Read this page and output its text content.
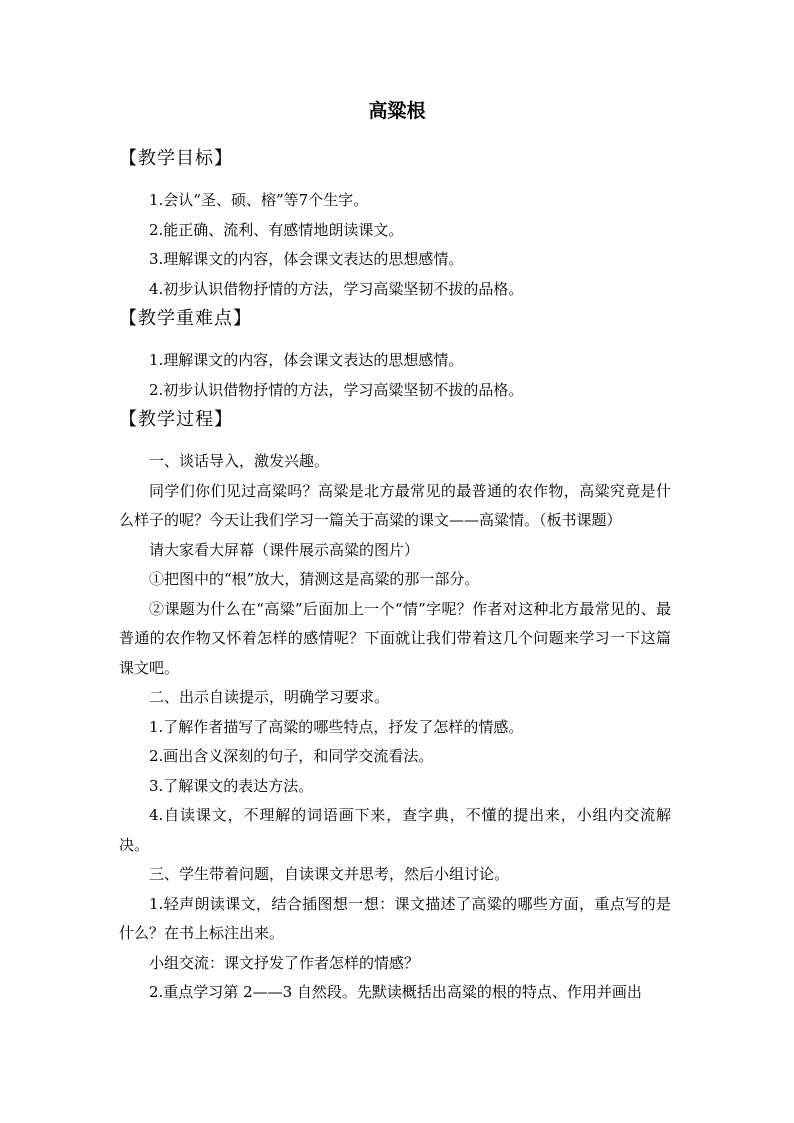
高粱根
【教学目标】

1.会认“圣、硕、榕”等7个生字。

2.能正确、流利、有感情地朗读课文。

3.理解课文的内容，体会课文表达的思想感情。

4.初步认识借物抒情的方法，学习高粱坚韧不拔的品格。

【教学重难点】

1.理解课文的内容，体会课文表达的思想感情。

2.初步认识借物抒情的方法，学习高粱坚韧不拔的品格。

【教学过程】

一、谈话导入，激发兴趣。

同学们你们见过高粱吗？高粱是北方最常见的最普通的农作物，高粱究竟是什么样子的呢？今天让我们学习一篇关于高粱的课文——高粱情。（板书课题）

请大家看大屏幕（课件展示高粱的图片）

①把图中的“根”放大，猜测这是高粱的那一部分。

②课题为什么在“高粱”后面加上一个“情”字呢？作者对这种北方最常见的、最普通的农作物又怀着怎样的感情呢？下面就让我们带着这几个问题来学习一下这篇课文吧。

二、出示自读提示，明确学习要求。

1.了解作者描写了高粱的哪些特点，抒发了怎样的情感。

2.画出含义深刻的句子，和同学交流看法。

3.了解课文的表达方法。

4.自读课文，不理解的词语画下来，查字典，不懂的提出来，小组内交流解决。

三、学生带着问题，自读课文并思考，然后小组讨论。

1.轻声朗读课文，结合插图想一想：课文描述了高粱的哪些方面，重点写的是什么？在书上标注出来。

小组交流：课文抒发了作者怎样的情感？

2.重点学习第 2——3 自然段。先默读概括出高粱的根的特点、作用并画出
